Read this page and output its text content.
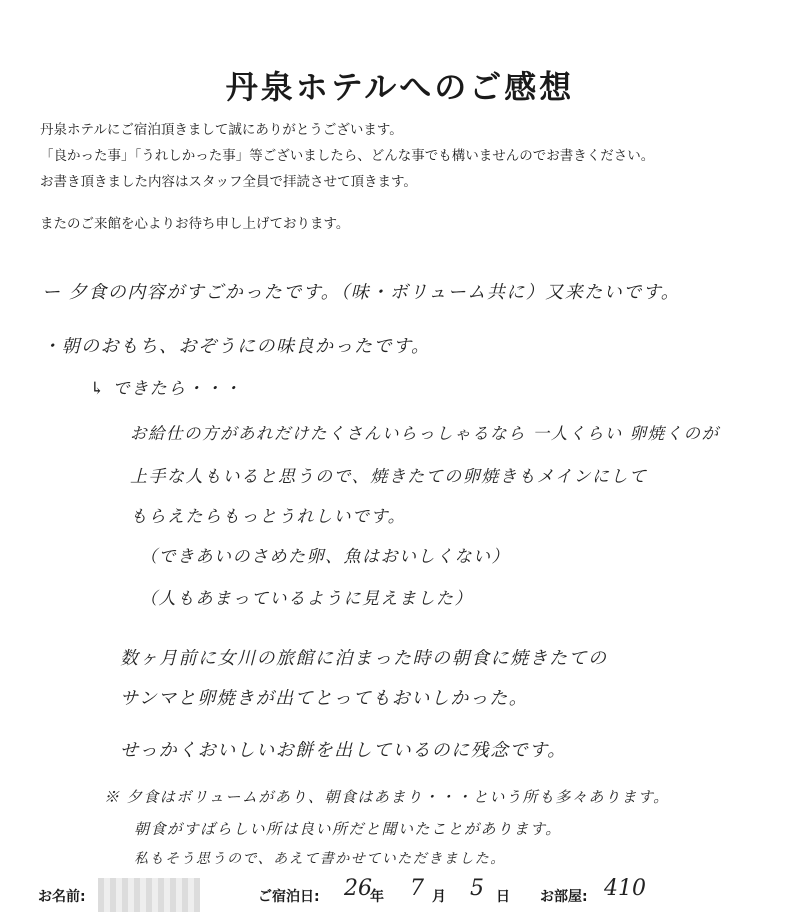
丹泉ホテルへのご感想
丹泉ホテルにご宿泊頂きまして誠にありがとうございます。
「良かった事」「うれしかった事」等ございましたら、どんな事でも構いませんのでお書きください。
お書き頂きました内容はスタッフ全員で拝読させて頂きます。
またのご来館を心よりお待ち申し上げております。
ー 夕食の内容がすごかったです。（味・ボリューム共に）又来たいです。
・朝のおもち、おぞうにの味良かったです。
↳ できたら・・・
お給仕の方があれだけたくさんいらっしゃるなら 一人くらい 卵焼くのが
上手な人もいると思うので、焼きたての卵焼きもメインにして
もらえたらもっとうれしいです。
（できあいのさめた卵、魚はおいしくない）
（人もあまっているように見えました）
数ヶ月前に女川の旅館に泊まった時の朝食に焼きたての
サンマと卵焼きが出てとってもおいしかった。
せっかくおいしいお餅を出しているのに残念です。
※ 夕食はボリュームがあり、朝食はあまり・・・という所も多々あります。
朝食がすばらしい所は良い所だと聞いたことがあります。
私もそう思うので、あえて書かせていただきました。
お名前:	ご宿泊日: 26
年 7 月 5 日 お部屋: 410
